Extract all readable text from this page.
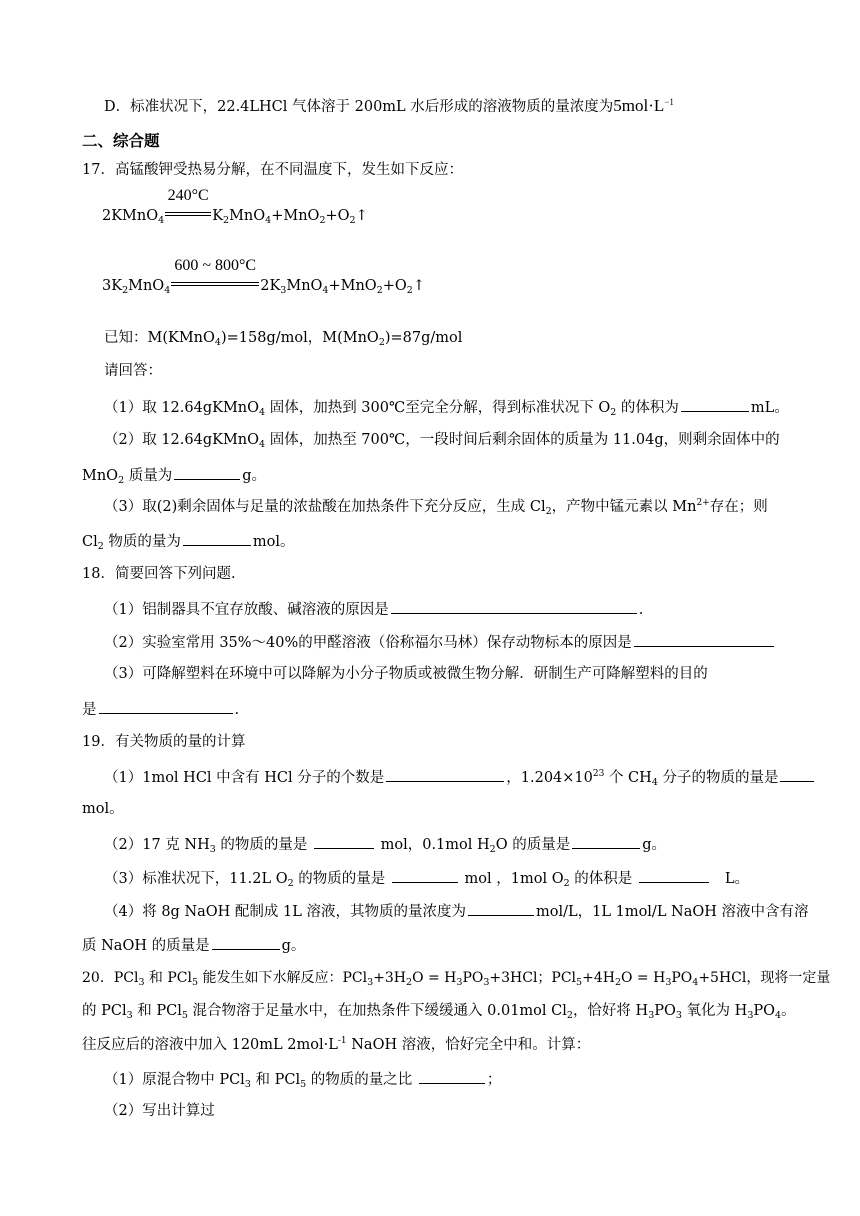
D．标准状况下，22.4LHCl 气体溶于 200mL 水后形成的溶液物质的量浓度为$5mol\cdot L^{-1}$
二、综合题
17．高锰酸钾受热易分解，在不同温度下，发生如下反应：
2KMnO$_4$
240°C
$K_2MnO_4+MnO_2+O_2↑$
$3K_2MnO_4$
600 ~ 800°C
$2K_3MnO_4+MnO_2+O_2↑$
已知：M(KMnO$_4$)=158g/mol，M(MnO$_2$)=87g/mol
请回答：
（1）取 12.64gKMnO$_4$ 固体，加热到 300℃至完全分解，得到标准状况下 $O_2$ 的体积为	mL。
（2）取 12.64gKMnO$_4$ 固体，加热至 700℃，一段时间后剩余固体的质量为 11.04g，则剩余固体中的
MnO$_2$ 质量为	g。
（3）取(2)剩余固体与足量的浓盐酸在加热条件下充分反应，生成 $Cl_2$，产物中锰元素以 $Mn^{2+}$存在；则
$Cl_2$ 物质的量为	mol。
18．简要回答下列问题.
（1）铝制器具不宜存放酸、碱溶液的原因是	.
（2）实验室常用 35%～40%的甲醛溶液（俗称福尔马林）保存动物标本的原因是
（3）可降解塑料在环境中可以降解为小分子物质或被微生物分解．研制生产可降解塑料的目的
是	.
19．有关物质的量的计算
（1）1mol HCl 中含有 HCl 分子的个数是	，$1.204\times 10^{23}$ 个 $CH_4$ 分子的物质的量是
mol。
（2）17 克 $NH_3$ 的物质的量是	mol，0.1mol $H_2O$ 的质量是	g。
（3）标准状况下，11.2L $O_2$ 的物质的量是	mol ，1mol $O_2$ 的体积是	L。
（4）将 8g NaOH 配制成 1L 溶液，其物质的量浓度为	mol/L，1L 1mol/L NaOH 溶液中含有溶
质 NaOH 的质量是	g。
20．PCl$_3$ 和 PCl$_5$ 能发生如下水解反应：$PCl_3+3H_2O = H_3PO_3+3HCl$；$PCl_5+4H_2O = H_3PO_4+5HCl$，现将一定量
的 PCl$_3$ 和 PCl$_5$ 混合物溶于足量水中，在加热条件下缓缓通入 0.01mol $Cl_2$，恰好将 $H_3PO_3$ 氧化为 $H_3PO_4$。
往反应后的溶液中加入 120mL $2mol\cdot L^{-1}$ NaOH 溶液，恰好完全中和。计算：
（1）原混合物中 PCl$_3$ 和 PCl$_5$ 的物质的量之比	；
（2）写出计算过
